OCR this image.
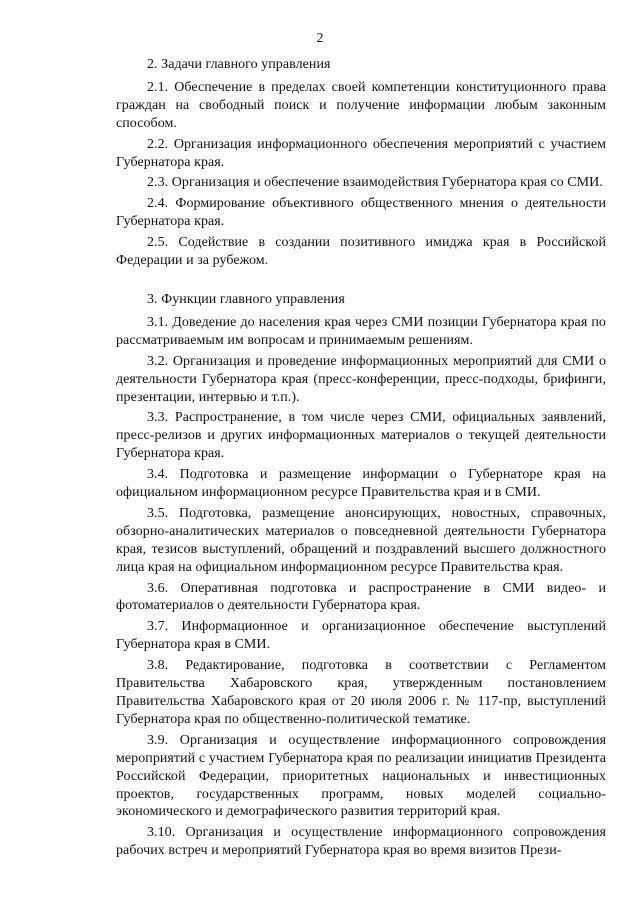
2
2. Задачи главного управления
2.1. Обеспечение в пределах своей компетенции конституционного права граждан на свободный поиск и получение информации любым законным способом.
2.2. Организация информационного обеспечения мероприятий с участием Губернатора края.
2.3. Организация и обеспечение взаимодействия Губернатора края со СМИ.
2.4. Формирование объективного общественного мнения о деятельности Губернатора края.
2.5. Содействие в создании позитивного имиджа края в Российской Федерации и за рубежом.
3. Функции главного управления
3.1. Доведение до населения края через СМИ позиции Губернатора края по рассматриваемым им вопросам и принимаемым решениям.
3.2. Организация и проведение информационных мероприятий для СМИ о деятельности Губернатора края (пресс-конференции, пресс-подходы, брифинги, презентации, интервью и т.п.).
3.3. Распространение, в том числе через СМИ, официальных заявлений, пресс-релизов и других информационных материалов о текущей деятельности Губернатора края.
3.4. Подготовка и размещение информации о Губернаторе края на официальном информационном ресурсе Правительства края и в СМИ.
3.5. Подготовка, размещение анонсирующих, новостных, справочных, обзорно-аналитических материалов о повседневной деятельности Губернатора края, тезисов выступлений, обращений и поздравлений высшего должностного лица края на официальном информационном ресурсе Правительства края.
3.6. Оперативная подготовка и распространение в СМИ видео- и фотоматериалов о деятельности Губернатора края.
3.7. Информационное и организационное обеспечение выступлений Губернатора края в СМИ.
3.8. Редактирование, подготовка в соответствии с Регламентом Правительства Хабаровского края, утвержденным постановлением Правительства Хабаровского края от 20 июля 2006 г. № 117-пр, выступлений Губернатора края по общественно-политической тематике.
3.9. Организация и осуществление информационного сопровождения мероприятий с участием Губернатора края по реализации инициатив Президента Российской Федерации, приоритетных национальных и инвестиционных проектов, государственных программ, новых моделей социально-экономического и демографического развития территорий края.
3.10. Организация и осуществление информационного сопровождения рабочих встреч и мероприятий Губернатора края во время визитов Прези-
